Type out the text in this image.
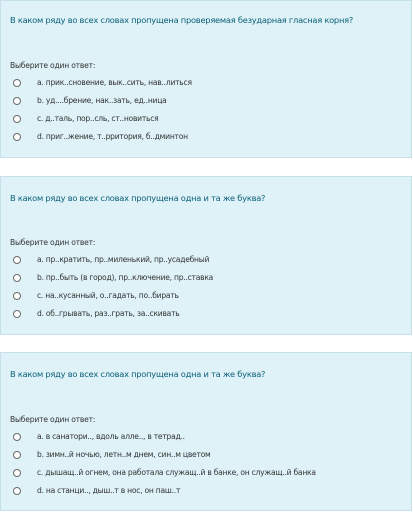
В каком ряду во всех словах пропущена проверяемая безударная гласная корня?
Выберите один ответ:
a. прик..сновение, вык..сить, нав..литься
b. уд....брение, нак..зать, ед..ница
c. д..таль, пор..сль, ст..новиться
d. приг..жение, т..рритория, б..дминтон
В каком ряду во всех словах пропущена одна и та же буква?
Выберите один ответ:
a. пр..кратить, пр..миленький, пр..усадебный
b. пр..быть (в город), пр..ключение, пр..ставка
c. на..кусанный, о..гадать, по..бирать
d. об..грывать, раз..грать, за..скивать
В каком ряду во всех словах пропущена одна и та же буква?
Выберите один ответ:
a. в санатори.., вдоль алле.., в тетрад..
b. зимн..й ночью, летн..м днем, син..м цветом
c. дышащ..й огнем, она работала служащ..й в банке, он служащ..й банка
d. на станци.., дыш..т в нос, он паш..т
